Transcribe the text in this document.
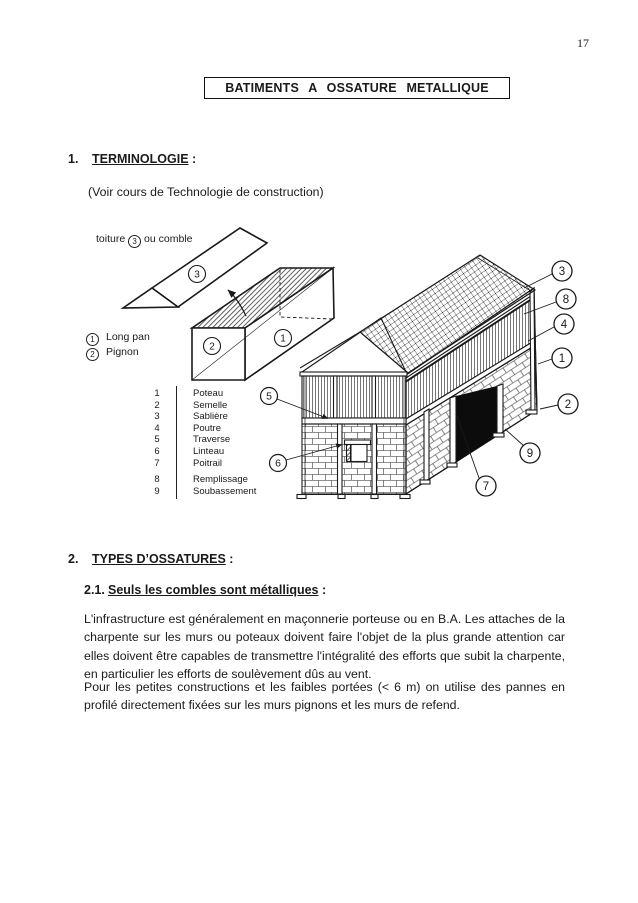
17
BATIMENTS A OSSATURE METALLIQUE
1. TERMINOLOGIE :
(Voir cours de Technologie de construction)
3
2
1
3
8
4
1
2
9
7
5
6
toiture 3 ou comble
1 Long pan
2 Pignon
1	Poteau
2	Semelle
3	Sablière
4	Poutre
5	Traverse
6	Linteau
7	Poitrail
8	Remplissage
9	Soubassement
2. TYPES D’OSSATURES :
2.1. Seuls les combles sont métalliques :
L'infrastructure est généralement en maçonnerie porteuse ou en B.A. Les attaches de la charpente sur les murs ou poteaux doivent faire l'objet de la plus grande attention car elles doivent être capables de transmettre l'intégralité des efforts que subit la charpente, en particulier les efforts de soulèvement dûs au vent.
Pour les petites constructions et les faibles portées (< 6 m) on utilise des pannes en profilé directement fixées sur les murs pignons et les murs de refend.
